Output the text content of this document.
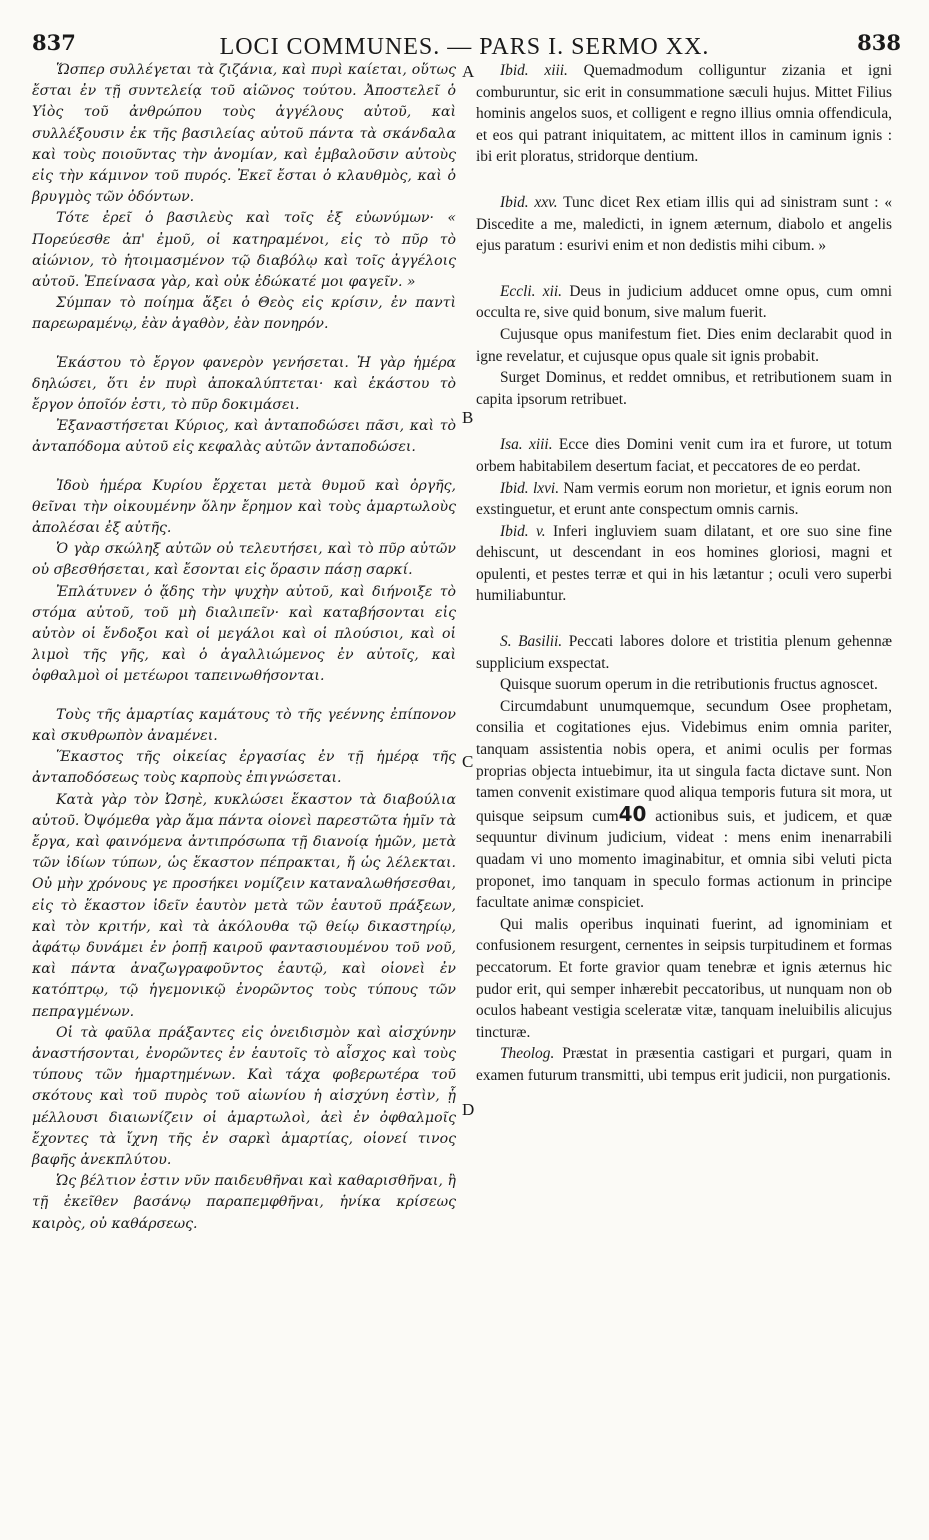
837	LOCI COMMUNES. — PARS I. SERMO XX.	838
A
B
C
D

Ὥσπερ συλλέγεται τὰ ζιζάνια, καὶ πυρὶ καίεται, οὕτως ἔσται ἐν τῇ συντελείᾳ τοῦ αἰῶνος τούτου. Ἀποστελεῖ ὁ Υἱὸς τοῦ ἀνθρώπου τοὺς ἀγγέλους αὐτοῦ, καὶ συλλέξουσιν ἐκ τῆς βασιλείας αὐτοῦ πάντα τὰ σκάνδαλα καὶ τοὺς ποιοῦντας τὴν ἀνομίαν, καὶ ἐμβαλοῦσιν αὐτοὺς εἰς τὴν κάμινον τοῦ πυρός. Ἐκεῖ ἔσται ὁ κλαυθμὸς, καὶ ὁ βρυγμὸς τῶν ὀδόντων.

Τότε ἐρεῖ ὁ βασιλεὺς καὶ τοῖς ἐξ εὐωνύμων· « Πορεύεσθε ἀπ' ἐμοῦ, οἱ κατηραμένοι, εἰς τὸ πῦρ τὸ αἰώνιον, τὸ ἡτοιμασμένον τῷ διαβόλῳ καὶ τοῖς ἀγγέλοις αὐτοῦ. Ἐπείνασα γὰρ, καὶ οὐκ ἐδώκατέ μοι φαγεῖν. »

Σύμπαν τὸ ποίημα ἄξει ὁ Θεὸς εἰς κρίσιν, ἐν παντὶ παρεωραμένῳ, ἐὰν ἀγαθὸν, ἐὰν πονηρόν.

Ἑκάστου τὸ ἔργον φανερὸν γενήσεται. Ἡ γὰρ ἡμέρα δηλώσει, ὅτι ἐν πυρὶ ἀποκαλύπτεται· καὶ ἑκάστου τὸ ἔργον ὁποῖόν ἐστι, τὸ πῦρ δοκιμάσει.

Ἐξαναστήσεται Κύριος, καὶ ἀνταποδώσει πᾶσι, καὶ τὸ ἀνταπόδομα αὐτοῦ εἰς κεφαλὰς αὐτῶν ἀνταποδώσει.

Ἰδοὺ ἡμέρα Κυρίου ἔρχεται μετὰ θυμοῦ καὶ ὀργῆς, θεῖναι τὴν οἰκουμένην ὅλην ἔρημον καὶ τοὺς ἁμαρτωλοὺς ἀπολέσαι ἐξ αὐτῆς.

Ὁ γὰρ σκώληξ αὐτῶν οὐ τελευτήσει, καὶ τὸ πῦρ αὐτῶν οὐ σβεσθήσεται, καὶ ἔσονται εἰς ὅρασιν πάσῃ σαρκί.

Ἐπλάτυνεν ὁ ᾅδης τὴν ψυχὴν αὐτοῦ, καὶ διήνοιξε τὸ στόμα αὐτοῦ, τοῦ μὴ διαλιπεῖν· καὶ καταβήσονται εἰς αὐτὸν οἱ ἔνδοξοι καὶ οἱ μεγάλοι καὶ οἱ πλούσιοι, καὶ οἱ λιμοὶ τῆς γῆς, καὶ ὁ ἀγαλλιώμενος ἐν αὐτοῖς, καὶ ὀφθαλμοὶ οἱ μετέωροι ταπεινωθήσονται.

Τοὺς τῆς ἁμαρτίας καμάτους τὸ τῆς γεέννης ἐπίπονον καὶ σκυθρωπὸν ἀναμένει.

Ἕκαστος τῆς οἰκείας ἐργασίας ἐν τῇ ἡμέρᾳ τῆς ἀνταποδόσεως τοὺς καρποὺς ἐπιγνώσεται.

Κατὰ γὰρ τὸν Ὠσηὲ, κυκλώσει ἕκαστον τὰ διαβούλια αὐτοῦ. Ὀψόμεθα γὰρ ἅμα πάντα οἱονεὶ παρεστῶτα ἡμῖν τὰ ἔργα, καὶ φαινόμενα ἀντιπρόσωπα τῇ διανοίᾳ ἡμῶν, μετὰ τῶν ἰδίων τύπων, ὡς ἕκαστον πέπρακται, ἤ ὡς λέλεκται. Οὐ μὴν χρόνους γε προσήκει νομίζειν καταναλωθήσεσθαι, εἰς τὸ ἕκαστον ἰδεῖν ἑαυτὸν μετὰ τῶν ἑαυτοῦ πράξεων, καὶ τὸν κριτήν, καὶ τὰ ἀκόλουθα τῷ θείῳ δικαστηρίῳ, ἀφάτῳ δυνάμει ἐν ῥοπῇ καιροῦ φαντασιουμένου τοῦ νοῦ, καὶ πάντα ἀναζωγραφοῦντος ἑαυτῷ, καὶ οἱονεὶ ἐν κατόπτρῳ, τῷ ἡγεμονικῷ ἐνορῶντος τοὺς τύπους τῶν πεπραγμένων.

Οἱ τὰ φαῦλα πράξαντες εἰς ὀνειδισμὸν καὶ αἰσχύνην ἀναστήσονται, ἐνορῶντες ἐν ἑαυτοῖς τὸ αἶσχος καὶ τοὺς τύπους τῶν ἡμαρτημένων. Καὶ τάχα φοβερωτέρα τοῦ σκότους καὶ τοῦ πυρὸς τοῦ αἰωνίου ἡ αἰσχύνη ἐστὶν, ᾗ μέλλουσι διαιωνίζειν οἱ ἁμαρτωλοὶ, ἀεὶ ἐν ὀφθαλμοῖς ἔχοντες τὰ ἴχνη τῆς ἐν σαρκὶ ἁμαρτίας, οἱονεί τινος βαφῆς ἀνεκπλύτου.

Ὡς βέλτιον ἐστιν νῦν παιδευθῆναι καὶ καθαρισθῆναι, ἢ τῇ ἐκεῖθεν βασάνῳ παραπεμφθῆναι, ἡνίκα κρίσεως καιρὸς, οὐ καθάρσεως.

Ibid. xiii. Quemadmodum colliguntur zizania et igni comburuntur, sic erit in consummatione sæculi hujus. Mittet Filius hominis angelos suos, et colligent e regno illius omnia offendicula, et eos qui patrant iniquitatem, ac mittent illos in caminum ignis : ibi erit ploratus, stridorque dentium.

Ibid. xxv. Tunc dicet Rex etiam illis qui ad sinistram sunt : « Discedite a me, maledicti, in ignem æternum, diabolo et angelis ejus paratum : esurivi enim et non dedistis mihi cibum. »

Eccli. xii. Deus in judicium adducet omne opus, cum omni occulta re, sive quid bonum, sive malum fuerit.

Cujusque opus manifestum fiet. Dies enim declarabit quod in igne revelatur, et cujusque opus quale sit ignis probabit.

Surget Dominus, et reddet omnibus, et retributionem suam in capita ipsorum retribuet.

Isa. xiii. Ecce dies Domini venit cum ira et furore, ut totum orbem habitabilem desertum faciat, et peccatores de eo perdat.

Ibid. lxvi. Nam vermis eorum non morietur, et ignis eorum non exstinguetur, et erunt ante conspectum omnis carnis.

Ibid. v. Inferi ingluviem suam dilatant, et ore suo sine fine dehiscunt, ut descendant in eos homines gloriosi, magni et opulenti, et pestes terræ et qui in his lætantur ; oculi vero superbi humiliabuntur.

S. Basilii. Peccati labores dolore et tristitia plenum gehennæ supplicium exspectat.

Quisque suorum operum in die retributionis fructus agnoscet.

Circumdabunt unumquemque, secundum Osee prophetam, consilia et cogitationes ejus. Videbimus enim omnia pariter, tanquam assistentia nobis opera, et animi oculis per formas proprias objecta intuebimur, ita ut singula facta dictave sunt. Non tamen convenit existimare quod aliqua temporis futura sit mora, ut quisque seipsum cum40 actionibus suis, et judicem, et quæ sequuntur divinum judicium, videat : mens enim inenarrabili quadam vi uno momento imaginabitur, et omnia sibi veluti picta proponet, imo tanquam in speculo formas actionum in principe facultate animæ conspiciet.

Qui malis operibus inquinati fuerint, ad ignominiam et confusionem resurgent, cernentes in seipsis turpitudinem et formas peccatorum. Et forte gravior quam tenebræ et ignis æternus hic pudor erit, qui semper inhærebit peccatoribus, ut nunquam non ob oculos habeant vestigia sceleratæ vitæ, tanquam ineluibilis alicujus tincturæ.

Theolog. Præstat in præsentia castigari et purgari, quam in examen futurum transmitti, ubi tempus erit judicii, non purgationis.
